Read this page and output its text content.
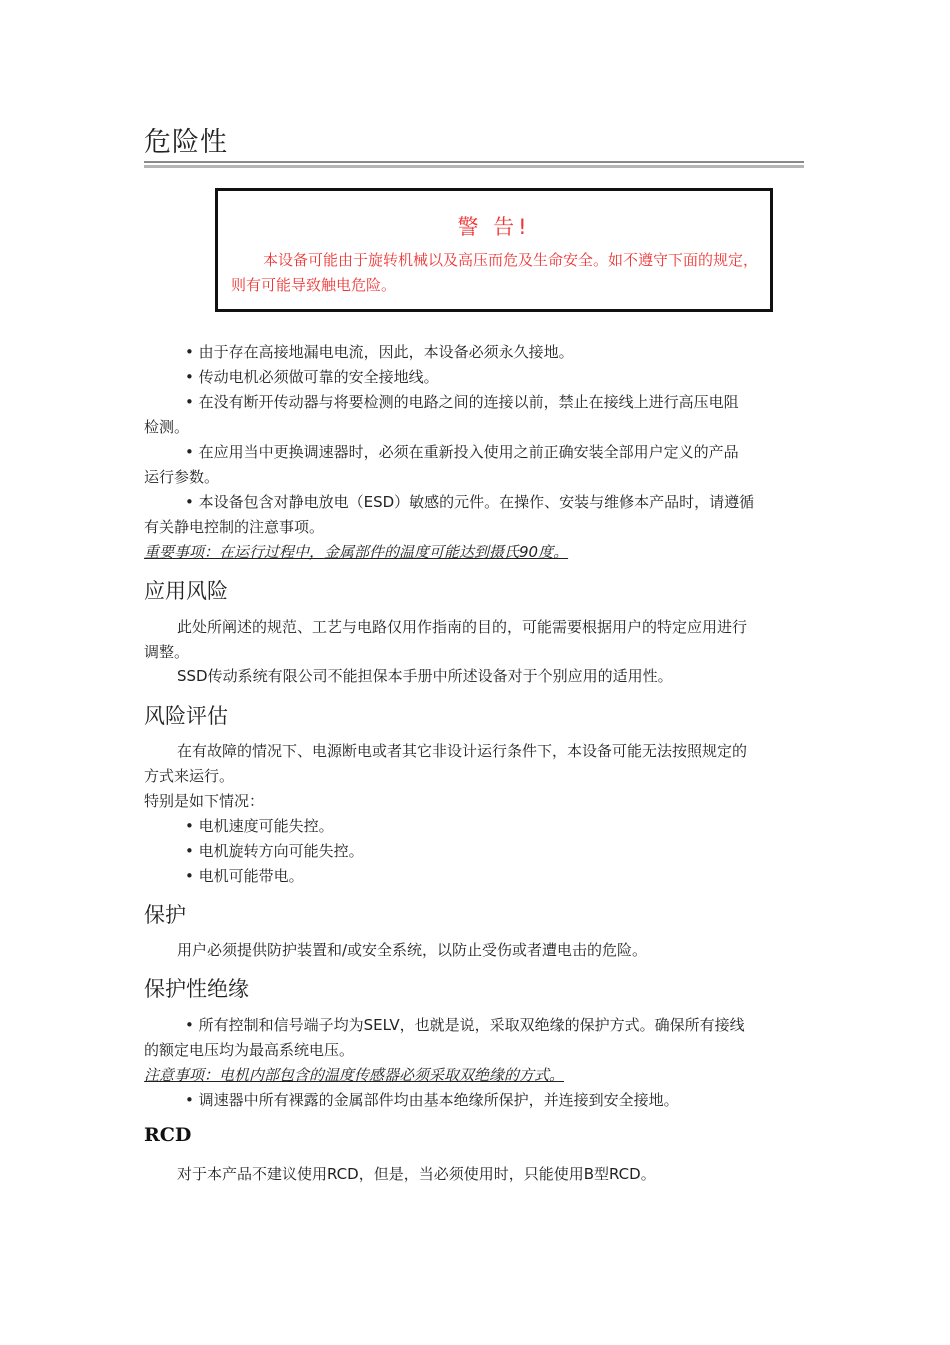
危险性
警 告!
本设备可能由于旋转机械以及高压而危及生命安全。如不遵守下面的规定，则有可能导致触电危险。
• 由于存在高接地漏电电流，因此，本设备必须永久接地。
• 传动电机必须做可靠的安全接地线。
• 在没有断开传动器与将要检测的电路之间的连接以前，禁止在接线上进行高压电阻
检测。
• 在应用当中更换调速器时，必须在重新投入使用之前正确安装全部用户定义的产品
运行参数。
• 本设备包含对静电放电（ESD）敏感的元件。在操作、安装与维修本产品时，请遵循
有关静电控制的注意事项。
重要事项：在运行过程中，金属部件的温度可能达到摄氏90度。
应用风险
此处所阐述的规范、工艺与电路仅用作指南的目的，可能需要根据用户的特定应用进行
调整。
SSD传动系统有限公司不能担保本手册中所述设备对于个别应用的适用性。
风险评估
在有故障的情况下、电源断电或者其它非设计运行条件下，本设备可能无法按照规定的
方式来运行。
特别是如下情况：
• 电机速度可能失控。
• 电机旋转方向可能失控。
• 电机可能带电。
保护
用户必须提供防护装置和/或安全系统，以防止受伤或者遭电击的危险。
保护性绝缘
• 所有控制和信号端子均为SELV，也就是说，采取双绝缘的保护方式。确保所有接线
的额定电压均为最高系统电压。
注意事项：电机内部包含的温度传感器必须采取双绝缘的方式。
• 调速器中所有裸露的金属部件均由基本绝缘所保护，并连接到安全接地。
RCD
对于本产品不建议使用RCD，但是，当必须使用时，只能使用B型RCD。
